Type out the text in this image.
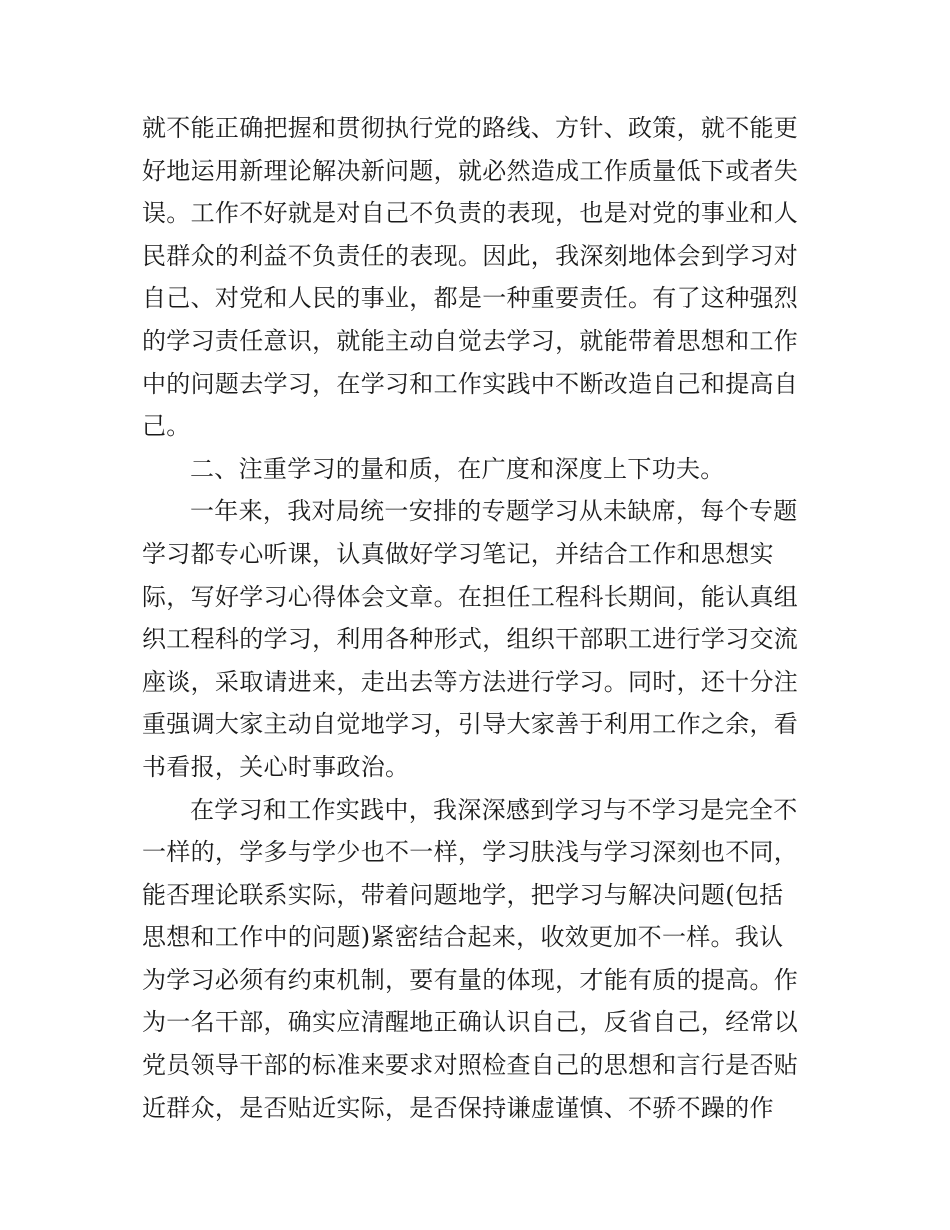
就不能正确把握和贯彻执行党的路线、方针、政策，就不能更
好地运用新理论解决新问题，就必然造成工作质量低下或者失
误。工作不好就是对自己不负责的表现，也是对党的事业和人
民群众的利益不负责任的表现。因此，我深刻地体会到学习对
自己、对党和人民的事业，都是一种重要责任。有了这种强烈
的学习责任意识，就能主动自觉去学习，就能带着思想和工作
中的问题去学习，在学习和工作实践中不断改造自己和提高自
己。
二、注重学习的量和质，在广度和深度上下功夫。
一年来，我对局统一安排的专题学习从未缺席，每个专题
学习都专心听课，认真做好学习笔记，并结合工作和思想实
际，写好学习心得体会文章。在担任工程科长期间，能认真组
织工程科的学习，利用各种形式，组织干部职工进行学习交流
座谈，采取请进来，走出去等方法进行学习。同时，还十分注
重强调大家主动自觉地学习，引导大家善于利用工作之余，看
书看报，关心时事政治。
在学习和工作实践中，我深深感到学习与不学习是完全不
一样的，学多与学少也不一样，学习肤浅与学习深刻也不同，
能否理论联系实际，带着问题地学，把学习与解决问题(包括
思想和工作中的问题)紧密结合起来，收效更加不一样。我认
为学习必须有约束机制，要有量的体现，才能有质的提高。作
为一名干部，确实应清醒地正确认识自己，反省自己，经常以
党员领导干部的标准来要求对照检查自己的思想和言行是否贴
近群众，是否贴近实际，是否保持谦虚谨慎、不骄不躁的作
